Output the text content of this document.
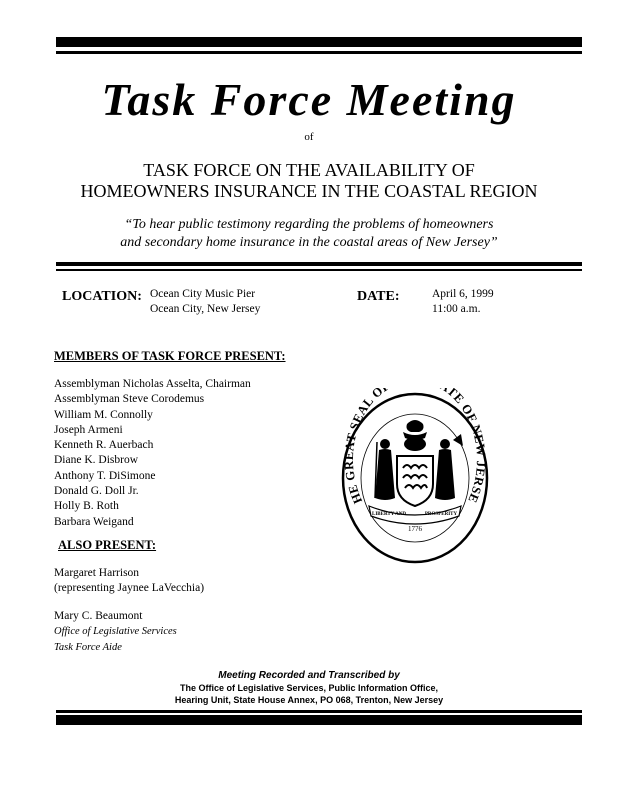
Task Force Meeting
of
TASK FORCE ON THE AVAILABILITY OF
HOMEOWNERS INSURANCE IN THE COASTAL REGION
“To hear public testimony regarding the problems of homeowners
and secondary home insurance in the coastal areas of New Jersey”
LOCATION: Ocean City Music Pier
Ocean City, New Jersey
DATE:	April 6, 1999
11:00 a.m.
MEMBERS OF TASK FORCE PRESENT:
Assemblyman Nicholas Asselta, Chairman
Assemblyman Steve Corodemus
William M. Connolly
Joseph Armeni
Kenneth R. Auerbach
Diane K. Disbrow
Anthony T. DiSimone
Donald G. Doll Jr.
Holly B. Roth
Barbara Weigand
ALSO PRESENT:
Margaret Harrison
(representing Jaynee LaVecchia)
Mary C. Beaumont
Office of Legislative Services
Task Force Aide
HE GREAT SEAL O TE OF NEW JERSE
LIBERTY AND	PROSPERITY
1776
Meeting Recorded and Transcribed by
The Office of Legislative Services, Public Information Office,
Hearing Unit, State House Annex, PO 068, Trenton, New Jersey
